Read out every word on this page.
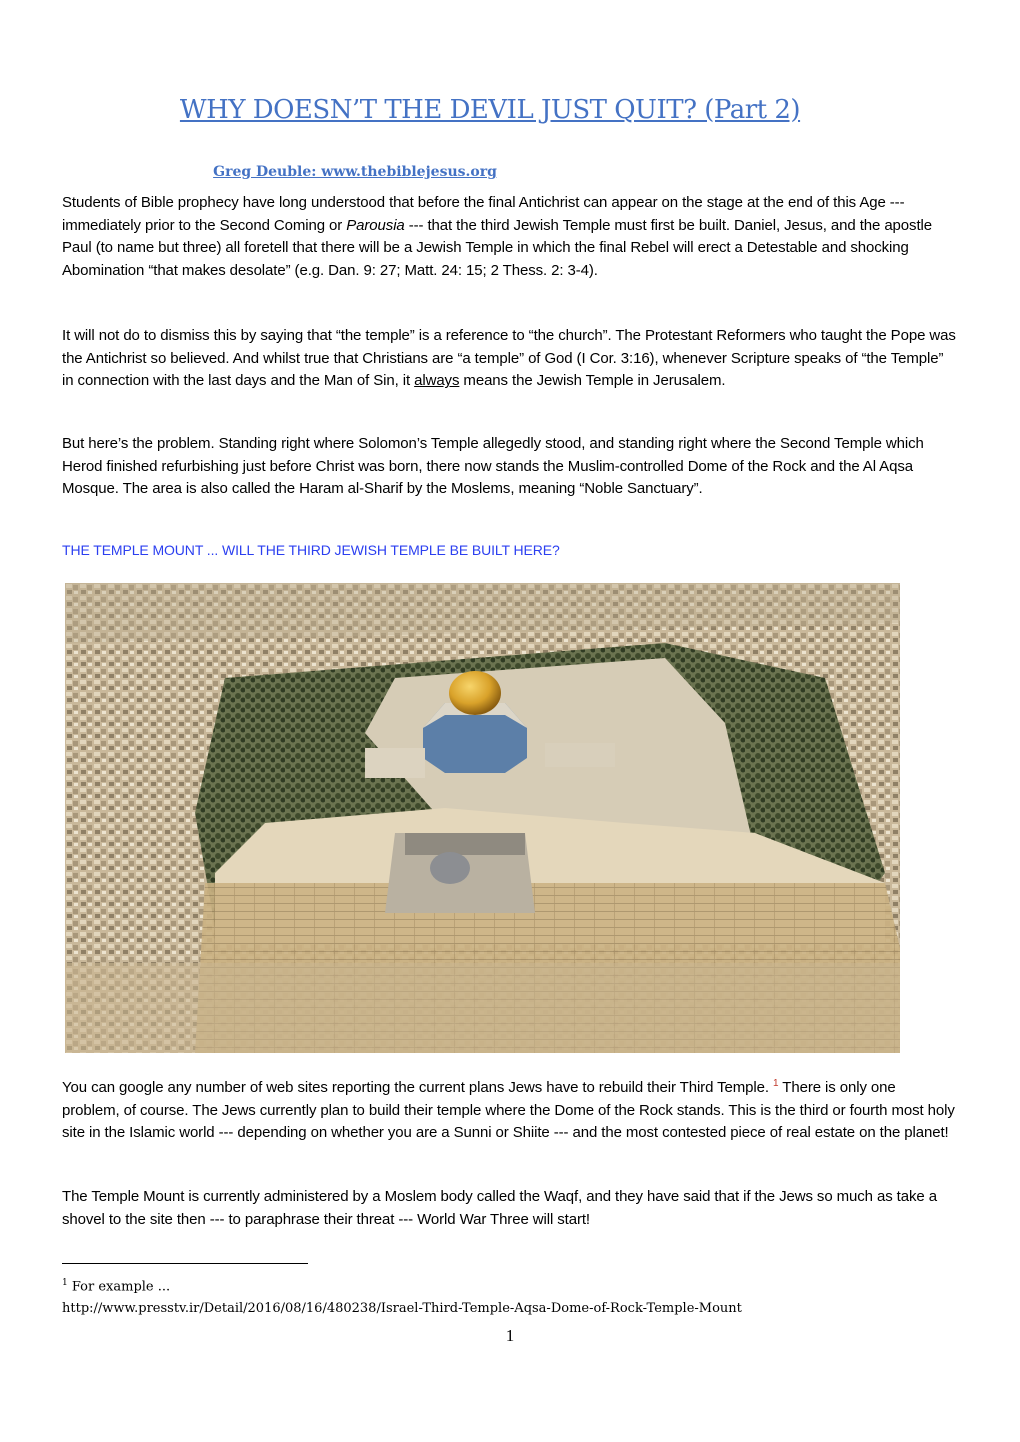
WHY DOESN’T THE DEVIL JUST QUIT? (Part 2)

Greg Deuble: www.thebiblejesus.org

Students of Bible prophecy have long understood that before the final Antichrist can appear on the stage at the end of this Age --- immediately prior to the Second Coming or Parousia --- that the third Jewish Temple must first be built. Daniel, Jesus, and the apostle Paul (to name but three) all foretell that there will be a Jewish Temple in which the final Rebel will erect a Detestable and shocking Abomination “that makes desolate” (e.g. Dan. 9: 27; Matt. 24: 15; 2 Thess. 2: 3-4).

It will not do to dismiss this by saying that “the temple” is a reference to “the church”. The Protestant Reformers who taught the Pope was the Antichrist so believed. And whilst true that Christians are “a temple” of God (I Cor. 3:16), whenever Scripture speaks of “the Temple” in connection with the last days and the Man of Sin, it always means the Jewish Temple in Jerusalem.

But here’s the problem. Standing right where Solomon’s Temple allegedly stood, and standing right where the Second Temple which Herod finished refurbishing just before Christ was born, there now stands the Muslim-controlled Dome of the Rock and the Al Aqsa Mosque. The area is also called the Haram al-Sharif by the Moslems, meaning “Noble Sanctuary”.

THE TEMPLE MOUNT ... WILL THE THIRD JEWISH TEMPLE BE BUILT HERE?

You can google any number of web sites reporting the current plans Jews have to rebuild their Third Temple. $^1$ There is only one problem, of course. The Jews currently plan to build their temple where the Dome of the Rock stands. This is the third or fourth most holy site in the Islamic world --- depending on whether you are a Sunni or Shiite --- and the most contested piece of real estate on the planet!

The Temple Mount is currently administered by a Moslem body called the Waqf, and they have said that if the Jews so much as take a shovel to the site then --- to paraphrase their threat --- World War Three will start!

$^1$ For example ...
http://www.presstv.ir/Detail/2016/08/16/480238/Israel-Third-Temple-Aqsa-Dome-of-Rock-Temple-Mount
1
